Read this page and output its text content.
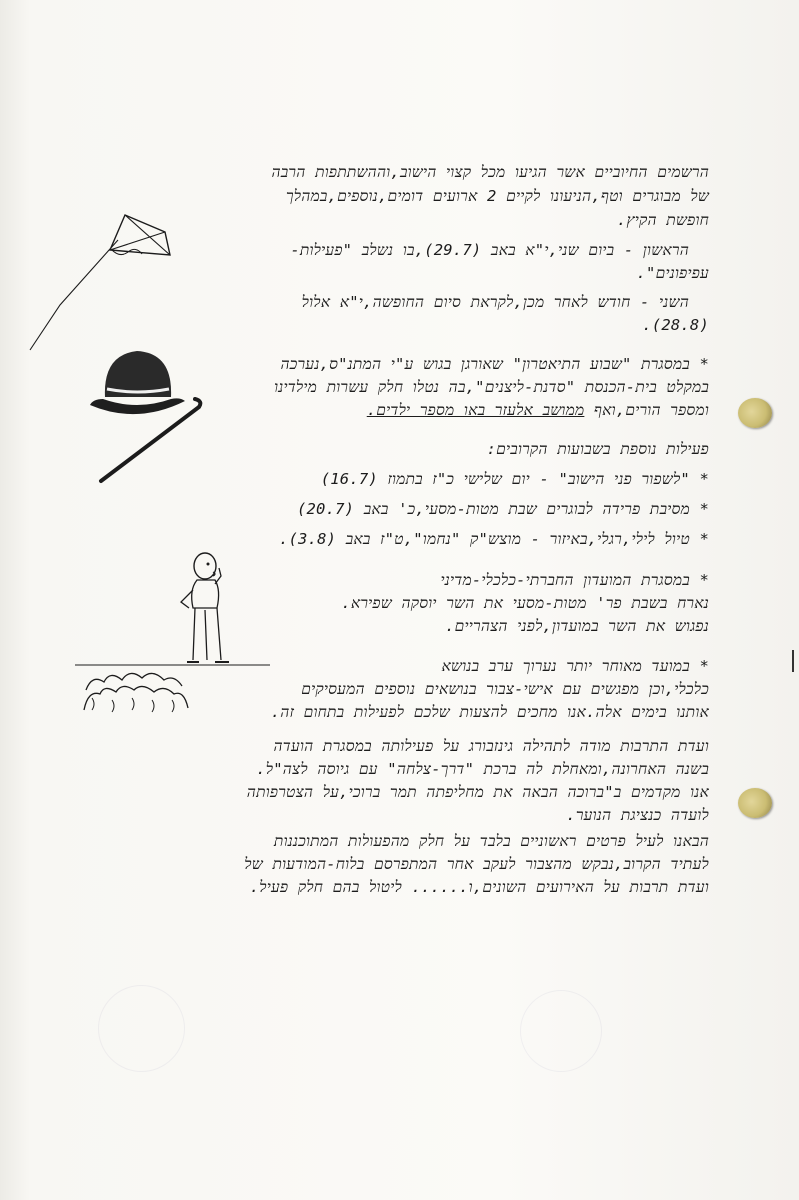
הרשמים החיוביים אשר הגיעו מכל קצוי הישוב,וההשתתפות הרבה
של מבוגרים וטף,הניעונו לקיים 2 ארועים דומים,נוספים,במהלך
חופשת הקיץ.
הראשון - ביום שני,י"א באב (29.7),בו נשלב "פעילות-
עפיפונים".
השני - חודש לאחר מכן,לקראת סיום החופשה,י"א אלול
(28.8).
* במסגרת "שבוע התיאטרון" שאורגן בגוש ע"י המתנ"ס,נערכה
במקלט בית-הכנסת "סדנת-ליצנים",בה נטלו חלק עשרות מילדינו
ומספר הורים,ואף ממושב אלעזר באו מספר ילדים.
פעילות נוספת בשבועות הקרובים:
* "לשפור פני הישוב" - יום שלישי כ"ז בתמוז (16.7)
* מסיבת פרידה לבוגרים שבת מטות-מסעי,כ' באב (20.7)
* טיול לילי,רגלי,באיזור - מוצש"ק "נחמו",ט"ז באב (3.8).
* במסגרת המועדון החברתי-כלכלי-מדיני
נארח בשבת פר' מטות-מסעי את השר יוסקה שפירא.
נפגוש את השר במועדון,לפני הצהריים.
* במועד מאוחר יותר נערוך ערב בנושא
כלכלי,וכן מפגשים עם אישי-צבור בנושאים נוספים המעסיקים
אותנו בימים אלה.אנו מחכים להצעות שלכם לפעילות בתחום זה.
ועדת התרבות מודה לתהילה גינזבורג על פעילותה במסגרת הועדה
בשנה האחרונה,ומאחלת לה ברכת "דרך-צלחה" עם גיוסה לצה"ל.
אנו מקדמים ב"ברוכה הבאה את מחליפתה תמר ברוכי,על הצטרפותה
לועדה כנציגת הנוער.
הבאנו לעיל פרטים ראשוניים בלבד על חלק מהפעולות המתוכננות
לעתיד הקרוב,נבקש מהצבור לעקב אחר המתפרסם בלוח-המודעות של
ועדת תרבות על האירועים השונים,ו...... ליטול בהם חלק פעיל.
